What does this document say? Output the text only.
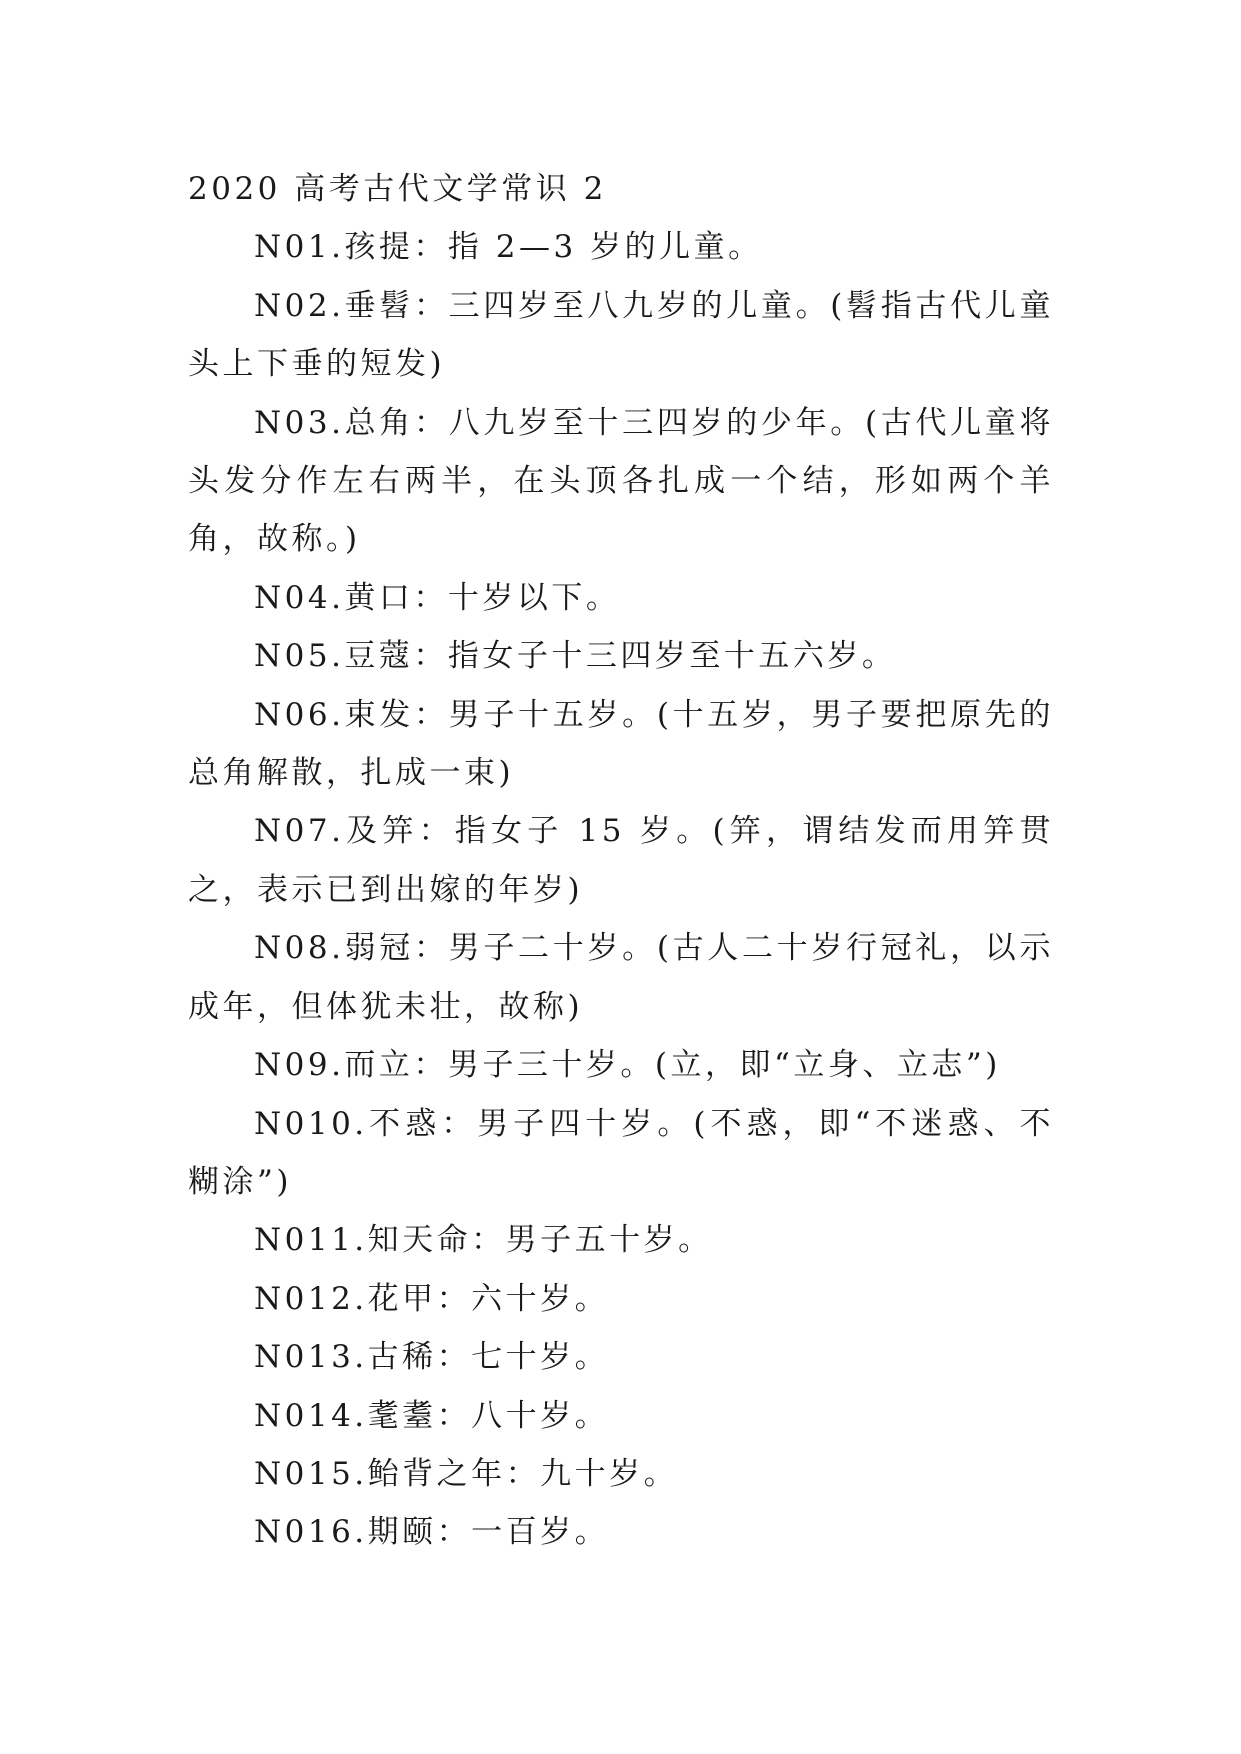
2020 高考古代文学常识 2

N01.孩提：指 2—3 岁的儿童。

N02.垂髫：三四岁至八九岁的儿童。(髫指古代儿童头上下垂的短发)

N03.总角：八九岁至十三四岁的少年。(古代儿童将头发分作左右两半，在头顶各扎成一个结，形如两个羊角，故称。)

N04.黄口：十岁以下。

N05.豆蔻：指女子十三四岁至十五六岁。

N06.束发：男子十五岁。(十五岁，男子要把原先的总角解散，扎成一束)

N07.及笄：指女子 15 岁。(笄，谓结发而用笄贯之，表示已到出嫁的年岁)

N08.弱冠：男子二十岁。(古人二十岁行冠礼，以示成年，但体犹未壮，故称)

N09.而立：男子三十岁。(立，即“立身、立志”)

N010.不惑：男子四十岁。(不惑，即“不迷惑、不糊涂”)

N011.知天命：男子五十岁。

N012.花甲：六十岁。

N013.古稀：七十岁。

N014.耄耋：八十岁。

N015.鲐背之年：九十岁。

N016.期颐：一百岁。
